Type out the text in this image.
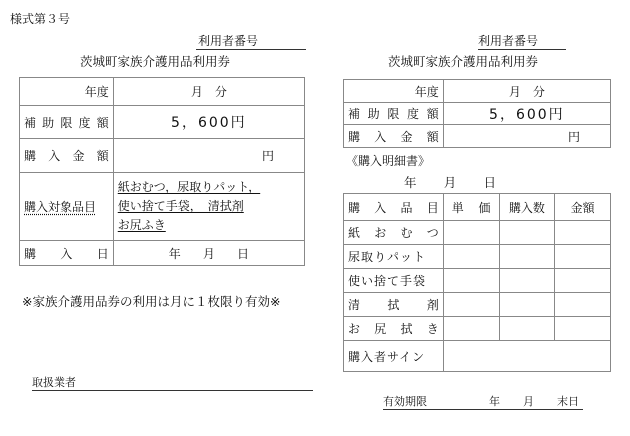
様式第３号
利用者番号
茨城町家族介護用品利用券
年度	月　分

補 助 限 度 額	5，600円

購 入 金 額	円
購入対象品目	紙おむつ，尿取りパット，
使い捨て手袋，　清拭剤
お尻ふき

購 入 日	年 月 日
※家族介護用品券の利用は月に１枚限り有効※
取扱業者
利用者番号
茨城町家族介護用品利用券
年度	月　分

補 助 限 度 額	5，600円

購 入 金 額	円
《購入明細書》
年 月 日
購 入 品 目	単 価	購入数	金額

紙 お む つ			

尿取りパット			
使い捨て手袋			

清 拭 剤			

お 尻 拭 き			

購入者サイン			
有効期限	年 月 末日
